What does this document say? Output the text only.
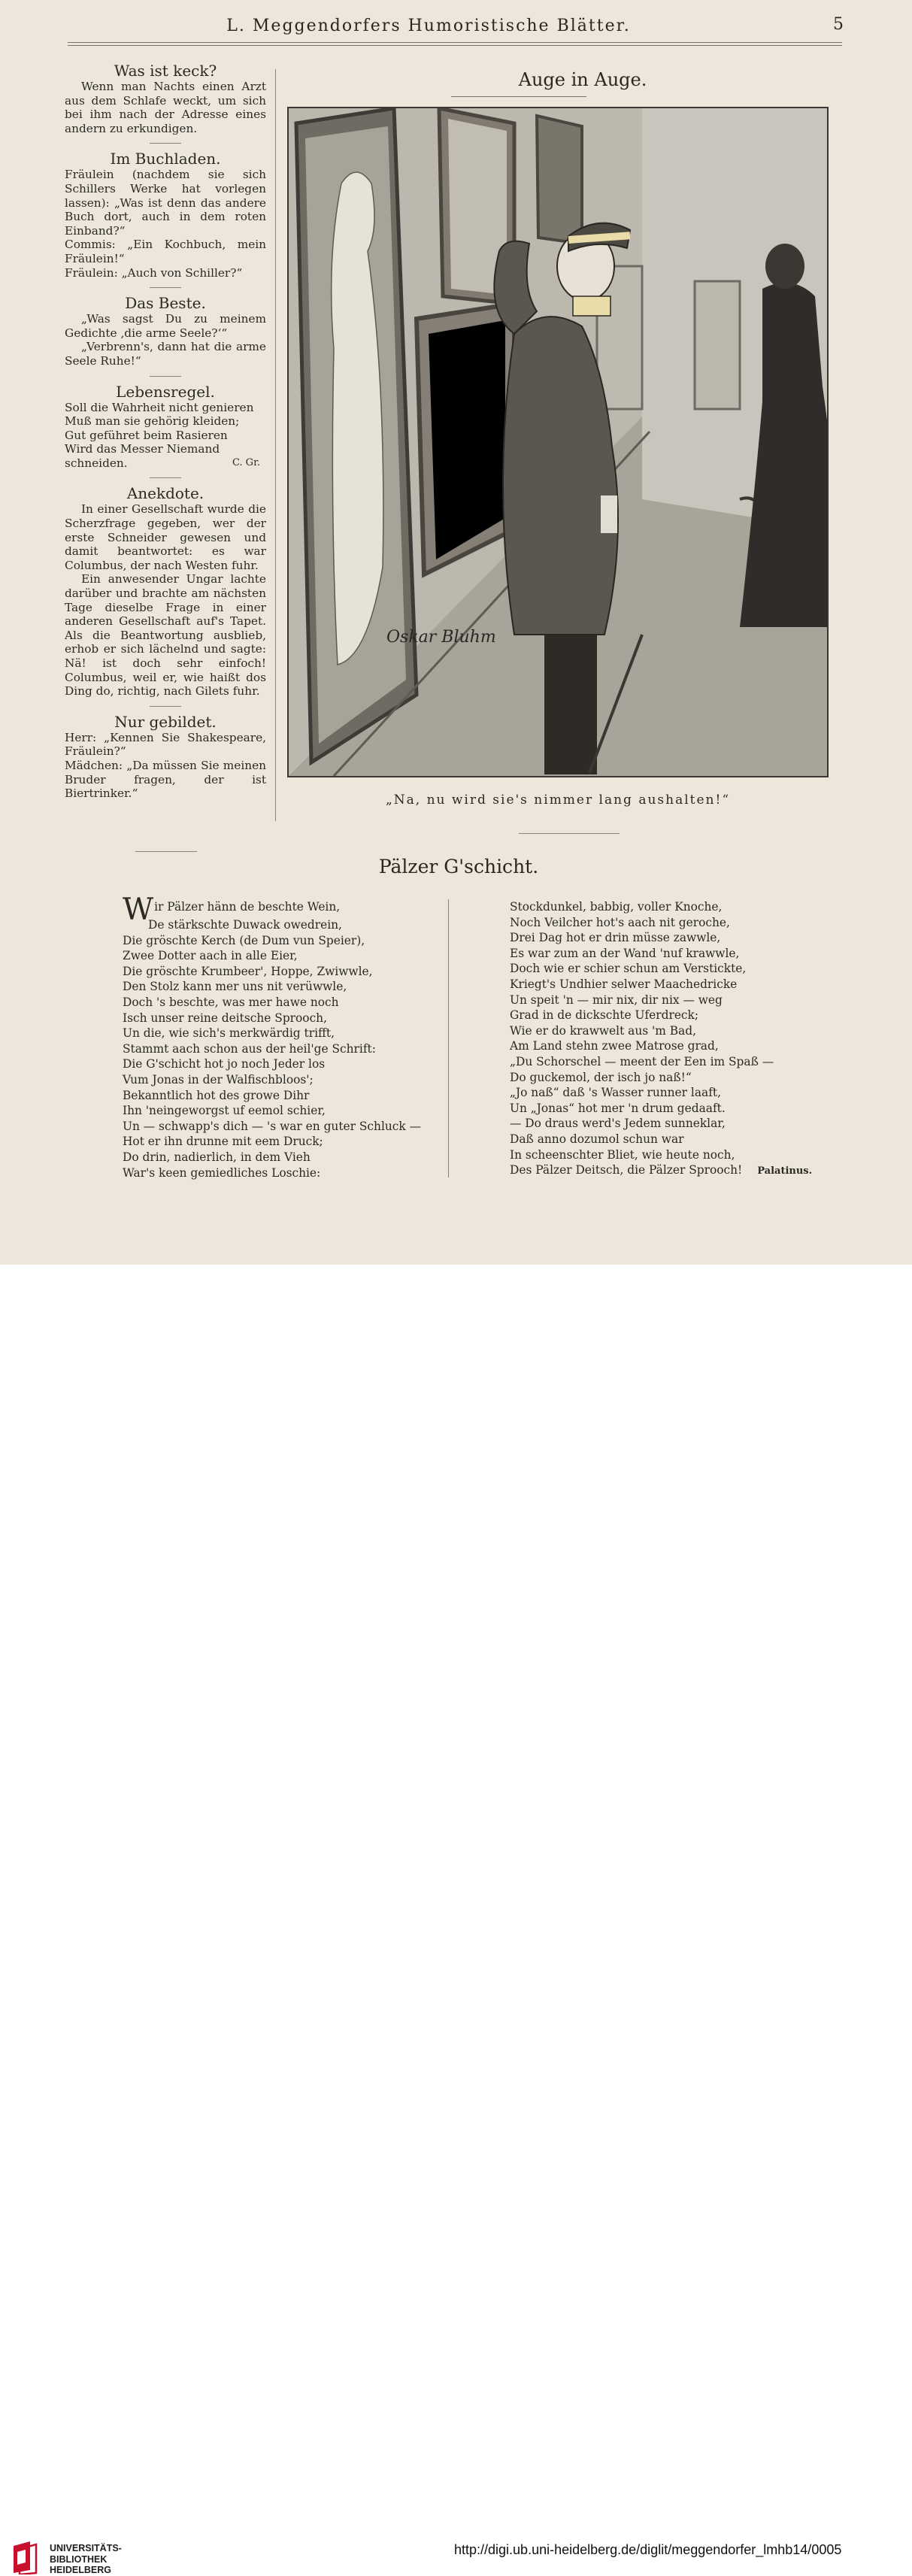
L. Meggendorfers Humoristische Blätter.	5
Was ist keck?

Wenn man Nachts einen Arzt aus dem Schlafe weckt, um sich bei ihm nach der Adresse eines andern zu erkundigen.

Im Buchladen.

Fräulein (nachdem sie sich Schillers Werke hat vorlegen lassen): „Was ist denn das andere Buch dort, auch in dem roten Einband?“

Commis: „Ein Kochbuch, mein Fräulein!“

Fräulein: „Auch von Schiller?“

Das Beste.

„Was sagst Du zu meinem Gedichte ‚die arme Seele?‘“

„Verbrenn's, dann hat die arme Seele Ruhe!“

Lebensregel.

Soll die Wahrheit nicht genieren

Muß man sie gehörig kleiden;

Gut geführet beim Rasieren

Wird das Messer Niemand

schneiden.	C. Gr.

Anekdote.

In einer Gesellschaft wurde die Scherzfrage gegeben, wer der erste Schneider gewesen und damit beantwortet: es war Columbus, der nach Westen fuhr.

Ein anwesender Ungar lachte darüber und brachte am nächsten Tage dieselbe Frage in einer anderen Gesellschaft auf's Tapet. Als die Beantwortung ausblieb, erhob er sich lächelnd und sagte: Nä! ist doch sehr einfoch! Columbus, weil er, wie haißt dos Ding do, richtig, nach Gilets fuhr.

Nur gebildet.

Herr: „Kennen Sie Shakespeare, Fräulein?“

Mädchen: „Da müssen Sie meinen Bruder fragen, der ist Biertrinker.“

Auge in Auge.
Oskar Bluhm
„Na, nu wird sie's nimmer lang aushalten!“
Pälzer G'schicht.
Wir Pälzer hänn de beschte Wein,
De stärkschte Duwack owedrein,
Die gröschte Kerch (de Dum vun Speier),
Zwee Dotter aach in alle Eier,
Die gröschte Krumbeer', Hoppe, Zwiwwle,
Den Stolz kann mer uns nit verüwwle,
Doch 's beschte, was mer hawe noch
Isch unser reine deitsche Sprooch,
Un die, wie sich's merkwärdig trifft,
Stammt aach schon aus der heil'ge Schrift:
Die G'schicht hot jo noch Jeder los
Vum Jonas in der Walfischbloos';
Bekanntlich hot des growe Dihr
Ihn 'neingeworgst uf eemol schier,
Un — schwapp's dich — 's war en guter Schluck —
Hot er ihn drunne mit eem Druck;
Do drin, nadierlich, in dem Vieh
War's keen gemiedliches Loschie:
Stockdunkel, babbig, voller Knoche,
Noch Veilcher hot's aach nit geroche,
Drei Dag hot er drin müsse zawwle,
Es war zum an der Wand 'nuf krawwle,
Doch wie er schier schun am Verstickte,
Kriegt's Undhier selwer Maachedricke
Un speit 'n — mir nix, dir nix — weg
Grad in de dickschte Uferdreck;
Wie er do krawwelt aus 'm Bad,
Am Land stehn zwee Matrose grad,
„Du Schorschel — meent der Een im Spaß —
Do guckemol, der isch jo naß!“
„Jo naß“ daß 's Wasser runner laaft,
Un „Jonas“ hot mer 'n drum gedaaft.
— Do draus werd's Jedem sunneklar,
Daß anno dozumol schun war
In scheenschter Bliet, wie heute noch,
Des Pälzer Deitsch, die Pälzer Sprooch! Palatinus.
UNIVERSITÄTS-
BIBLIOTHEK
HEIDELBERG
http://digi.ub.uni-heidelberg.de/diglit/meggendorfer_lmhb14/0005
